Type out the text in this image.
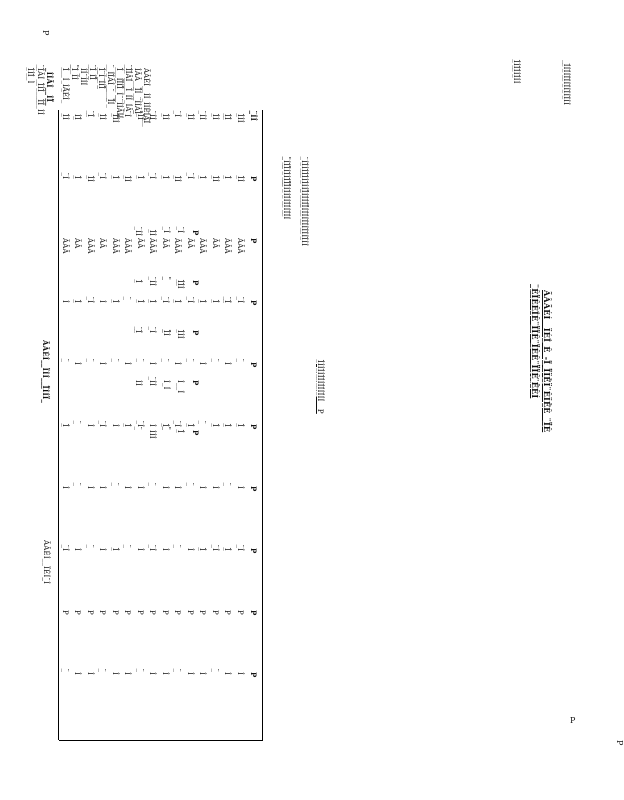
ÃÂÃÉÍ__ÏÉÍ̲̈_Ê_-Ï̲̈_̲Ï̲̲̈̈ÏÊ̲̈Ï_̲̈ÊÏÊ̲̈Ê__̲̈Ï̲̲̈̈Ê
̲̈Ê̲Ï̲̈ÊÊÍ̲̈Ê_̲̈Ï̲̈Ï̲̈Ê_̲̈Ï̲̈ÊÊ_̲̈Ï̲̲̈̈Ï̲̈Ê ̲̈Ê̲̈ÊÍ
P
ÃÂÉÍ__ÍÍ_ÍÍÈÍÂ̲̈Í̲̈_
ÍÃÂ__Í̲̲̈̈Í__̲̈ÍÍÂÍ̲̲̲̈̈̈
̲̈Í̲̈Í̲̈ÂÍ̲̈__Í̲̈_ÍÍ_ÍÂ̲
Í̲̈__ÍÍ̲̲̈̈ÍÍ̲̲̈̈_Í_̲̈_̲̈ÍÍÂÍÍ
̲̈_ÍÍ̲̈ÃÍ__̲̈__Í̲̲̈̈Í_
Í̲̈_̲̈Í_̲̈Í̲̈ÍÍ̲̲̈̈
̲̈Í̲̈_ÍÍ̲̲̈̈
ÍÍ_̲̈ÍÍÍ
̲̲̈̈Í̲̈_ÍÍ
Í̲̈__Í_ÍÃ̲̈ÉÍ_
_ÍÍÃÍ__ÍÏ̲̈_
̲̈Í̲̈ÃÍ_Ì̲̈ÍÍ̲̈__Ì̲̈Í̲̈_ÍÍ
Í̲̈ÍÍ̲̈_Ì
P
P
P
P
P
̲̈Í
Í̲̈Í̲̈Í
Í̲̈ÍÍ
Í__Í
Í̲̈
̲̈Í
̲̲̈̈
Í̲̲̈̈Í
Í_Í
̲̲̈̈
Í̲̈Í
̲̈ÍÍ
̲̈Í
̲̈ÍÍ
ÍÍÍ
̲̈ÍÍ
Í̲̈
̲̈Í̲̈
ÍÍ
̲̈
̲̈ÍÍ̲̈ÍÍ̲̈Í̲̈Í̲̈ÍÍ̲̈ÍÍÍ̲̲̈̈ÍÍ̲̈Í̲̈Í̲̈Í̲̲̈̈ÍÍ̲̈Í̲̈ÍÍ̲̈Í̲̈ÍÍ̲̈Í̲̈ÍÍ̲̈ÍÍ
̲̲̈̈ÍÍ̲̈Í̲̲̈̈ÍÍ̲̈ÍÍ̲̈Í̲̲̈̈Í̲̲̈̈ÍÍ̲̈ÍÍ̲̈ÍÍ̲̈Í̲̈ÍÍ̲̈Í̲̈Í
Í̲̈ÍÍÍ̲̈ÍÍ̲̈Í̲̈ÍÍ̲̈Í̲̈ÍÍ̲̈ÍÍ__P
ÃÂÉÍ__ÏÍÍ__Ï̲̈ÍÍÏ_
̲̈ÍÍ
P
P
P
P
P
P
P
P
P
Í̲̈ÍÍ
Í̲̈Í
ÃÂÃ
̲̈Í
̲̈
Í̲̈
Í
̲̈Í
P
Í
Í̲̈Í̲̈
Í̲̈
ÃÂÃ
̲̈Í̲̈
Í
Í̲̈
̲̈
Í̲̈
P
Í
Í̲̈Í
Í̲̈Í
ÃÂ
Í̲̈
̲̈
Í̲̈
Í
̲̈Í
P
̲̈
̲̈ÍÍ
Í̲̈
ÃÂÃ
Í̲̈
Í
̲̈
Í
Í̲̈
P
Í
Í̲̈Í
̲̈Í
ÃÂ
̲̈Í
̲̈
Í̲̈
̲̈
Í
P
Í
̲̈Í
Í̲̈Í
ÃÂÃ
Í̲̈
Í
̲̈Í
Í
̲̈
P
̲̈
Í̲̈Í
Í̲̈
ÃÂ
̲̈Í
̲̈
Í̲̈
Í
Í
P
Í
̲̈ÍÍ
̲̈Í
ÃÂÃ
Í̲̈
Í
Í
̲̈
̲̈Í
P
Í
Í̲̈Í
Í̲̈
ÃÂ
Í̲̈
̲̈
̲̈Í
Í
Í
P
̲̈
̲̈Í
Í̲̈Í
ÃÂÃ
̲̈
Í
Í̲̈
Í
̲̈
P
Í
Í̲̈ÍÍ
Í̲̈
ÃÂÃ
Í̲̈
̲̈
Í
̲̈
Í̲̈
P
Í
Í̲̈Í
̲̈Í
ÃÂ
Í
Í
̲̈Í
Í
Í
P
̲̈
̲̈Í̲̈
Í̲̈Í
ÃÂÃ
̲̈Í
̲̈
Í
Í
̲̈
P
Í
ÍÍ̲̈
Í̲̈
ÃÂ
Í̲̈
Í
̲̈
̲̈
Í
P
Í
Í̲̈Í
̲̈Í
ÃÂÃ
Í
̲̈
Í̲̈
Í
̲̈Í
P
̲̈
ÃÂÉÍ__ÏÉÍ_̲̈Í
_Í̲̈ÍÍ̲̈ÍÍ̲̈Í̲̈ÍÍ̲̈ÍÍ̲̈ÍÍ̲̈ÍÍ
Í̲̈ÍÍ̲̈Í̲̈ÍÍ̲̈ÍÍ
P
P
